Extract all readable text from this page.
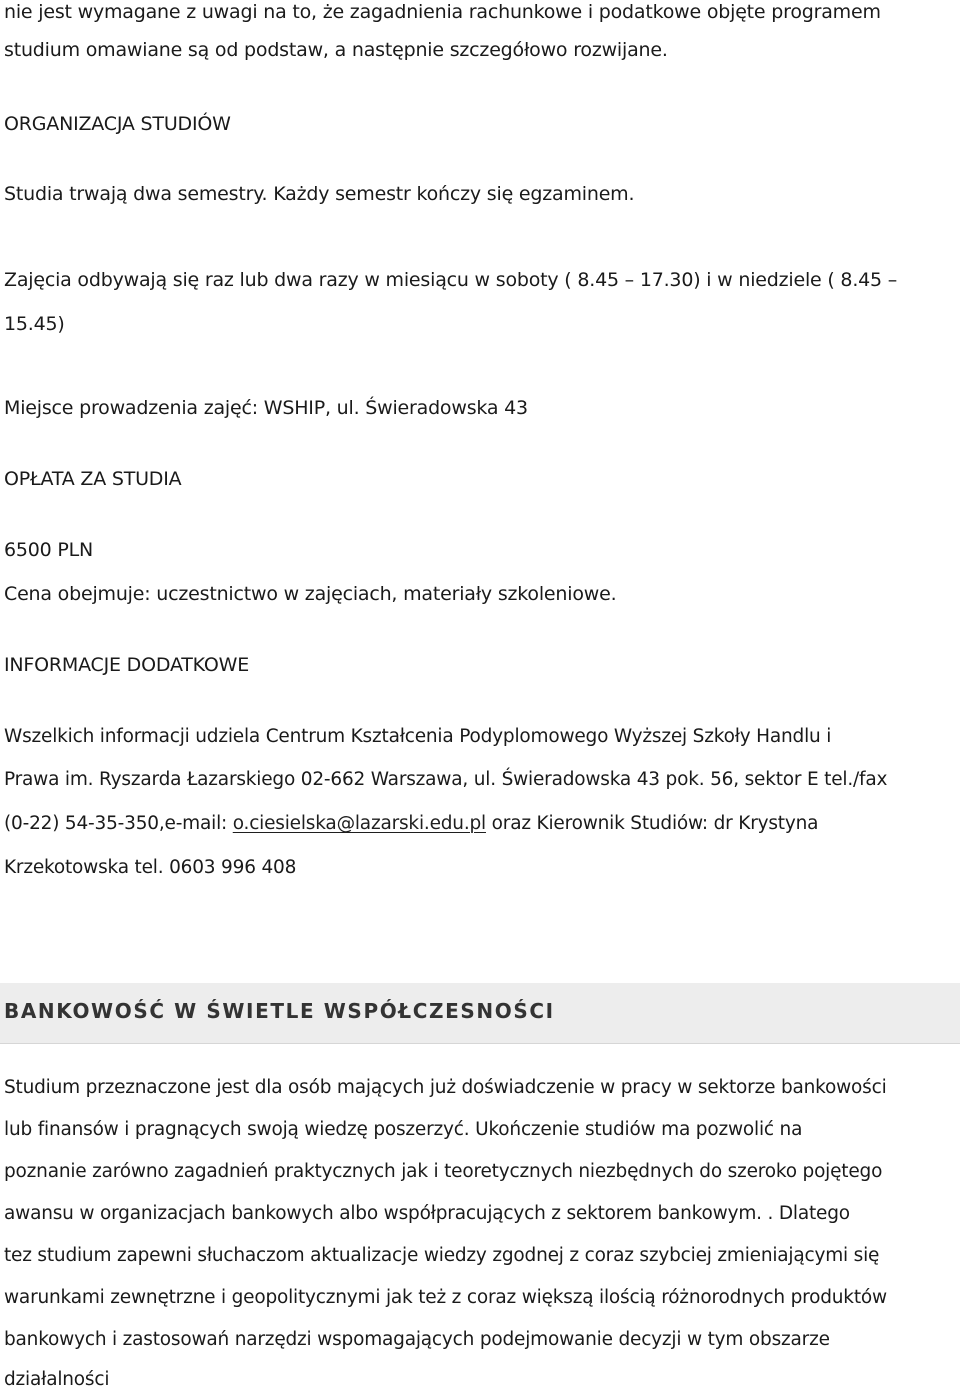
nie jest wymagane z uwagi na to, że zagadnienia rachunkowe i podatkowe objęte programem
studium omawiane są od podstaw, a następnie szczegółowo rozwijane.
ORGANIZACJA STUDIÓW
Studia trwają dwa semestry. Każdy semestr kończy się egzaminem.
Zajęcia odbywają się raz lub dwa razy w miesiącu w soboty ( 8.45 – 17.30) i w niedziele ( 8.45 –
15.45)
Miejsce prowadzenia zajęć: WSHIP, ul. Świeradowska 43
OPŁATA ZA STUDIA
6500 PLN
Cena obejmuje: uczestnictwo w zajęciach, materiały szkoleniowe.
INFORMACJE DODATKOWE
Wszelkich informacji udziela Centrum Kształcenia Podyplomowego Wyższej Szkoły Handlu i
Prawa im. Ryszarda Łazarskiego 02-662 Warszawa, ul. Świeradowska 43 pok. 56, sektor E tel./fax
(0-22) 54-35-350,e-mail: o.ciesielska@lazarski.edu.pl oraz Kierownik Studiów: dr Krystyna
Krzekotowska tel. 0603 996 408
BANKOWOŚĆ W ŚWIETLE WSPÓŁCZESNOŚCI
Studium przeznaczone jest dla osób mających już doświadczenie w pracy w sektorze bankowości
lub finansów i pragnących swoją wiedzę poszerzyć. Ukończenie studiów ma pozwolić na
poznanie zarówno zagadnień praktycznych jak i teoretycznych niezbędnych do szeroko pojętego
awansu w organizacjach bankowych albo współpracujących z sektorem bankowym. . Dlatego
tez studium zapewni słuchaczom aktualizacje wiedzy zgodnej z coraz szybciej zmieniającymi się
warunkami zewnętrzne i geopolitycznymi jak też z coraz większą ilością różnorodnych produktów
bankowych i zastosowań narzędzi wspomagających podejmowanie decyzji w tym obszarze
działalności
